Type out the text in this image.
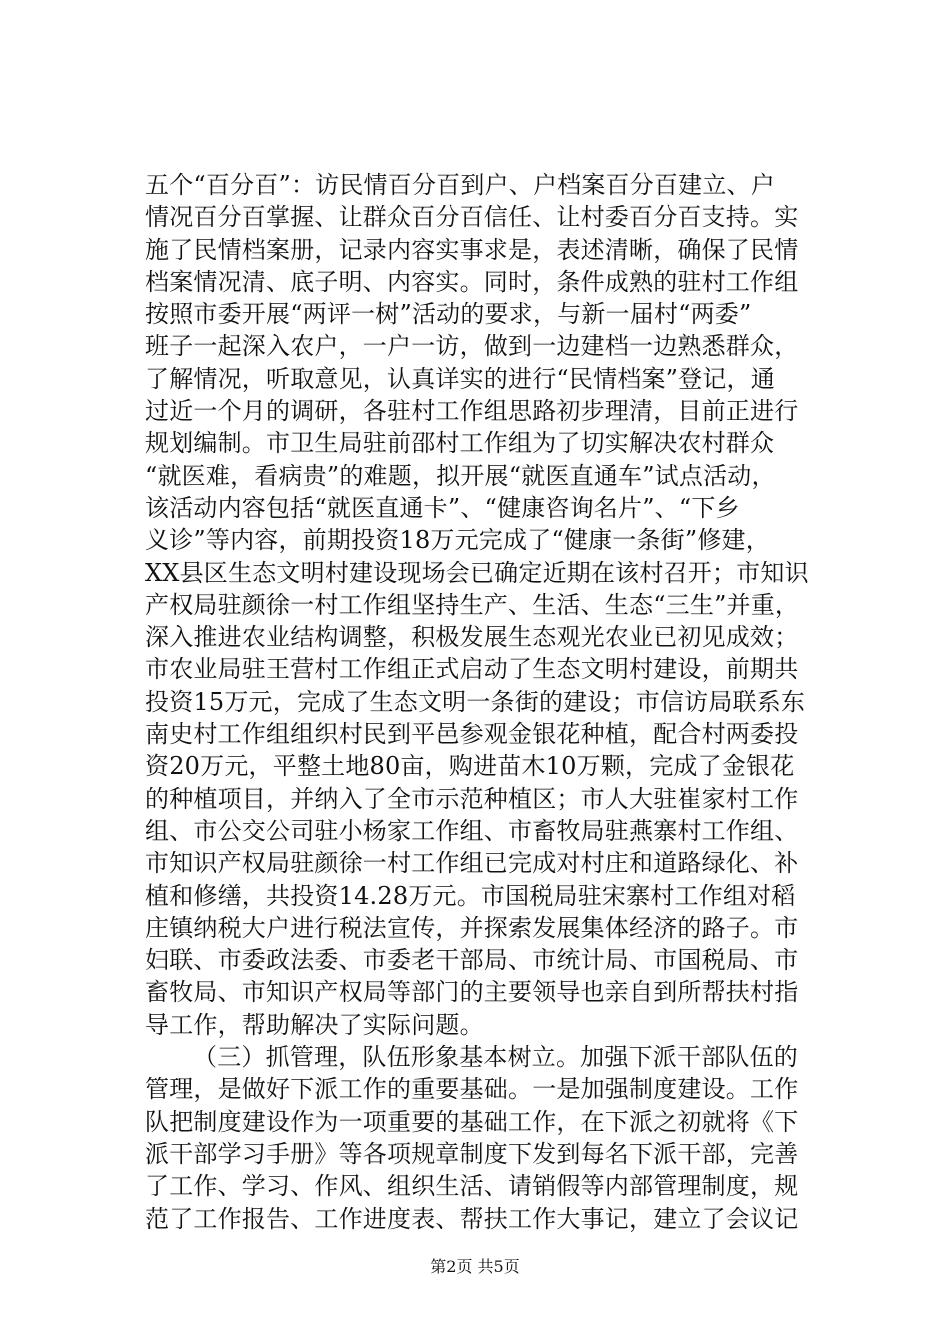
五个“百分百”：访民情百分百到户、户档案百分百建立、户
情况百分百掌握、让群众百分百信任、让村委百分百支持。实
施了民情档案册，记录内容实事求是，表述清晰，确保了民情
档案情况清、底子明、内容实。同时，条件成熟的驻村工作组
按照市委开展“两评一树”活动的要求，与新一届村“两委”
班子一起深入农户，一户一访，做到一边建档一边熟悉群众，
了解情况，听取意见，认真详实的进行“民情档案”登记，通
过近一个月的调研，各驻村工作组思路初步理清，目前正进行
规划编制。市卫生局驻前邵村工作组为了切实解决农村群众
“就医难，看病贵”的难题，拟开展“就医直通车”试点活动，
该活动内容包括“就医直通卡”、“健康咨询名片”、“下乡
义诊”等内容，前期投资18万元完成了“健康一条街”修建，
XX县区生态文明村建设现场会已确定近期在该村召开；市知识
产权局驻颜徐一村工作组坚持生产、生活、生态“三生”并重，
深入推进农业结构调整，积极发展生态观光农业已初见成效；
市农业局驻王营村工作组正式启动了生态文明村建设，前期共
投资15万元，完成了生态文明一条街的建设；市信访局联系东
南史村工作组组织村民到平邑参观金银花种植，配合村两委投
资20万元，平整土地80亩，购进苗木10万颗，完成了金银花
的种植项目，并纳入了全市示范种植区；市人大驻崔家村工作
组、市公交公司驻小杨家工作组、市畜牧局驻燕寨村工作组、
市知识产权局驻颜徐一村工作组已完成对村庄和道路绿化、补
植和修缮，共投资14.28万元。市国税局驻宋寨村工作组对稻
庄镇纳税大户进行税法宣传，并探索发展集体经济的路子。市
妇联、市委政法委、市委老干部局、市统计局、市国税局、市
畜牧局、市知识产权局等部门的主要领导也亲自到所帮扶村指
导工作，帮助解决了实际问题。
（三）抓管理，队伍形象基本树立。加强下派干部队伍的
管理，是做好下派工作的重要基础。一是加强制度建设。工作
队把制度建设作为一项重要的基础工作，在下派之初就将《下
派干部学习手册》等各项规章制度下发到每名下派干部，完善
了工作、学习、作风、组织生活、请销假等内部管理制度，规
范了工作报告、工作进度表、帮扶工作大事记，建立了会议记
第2页 共5页
